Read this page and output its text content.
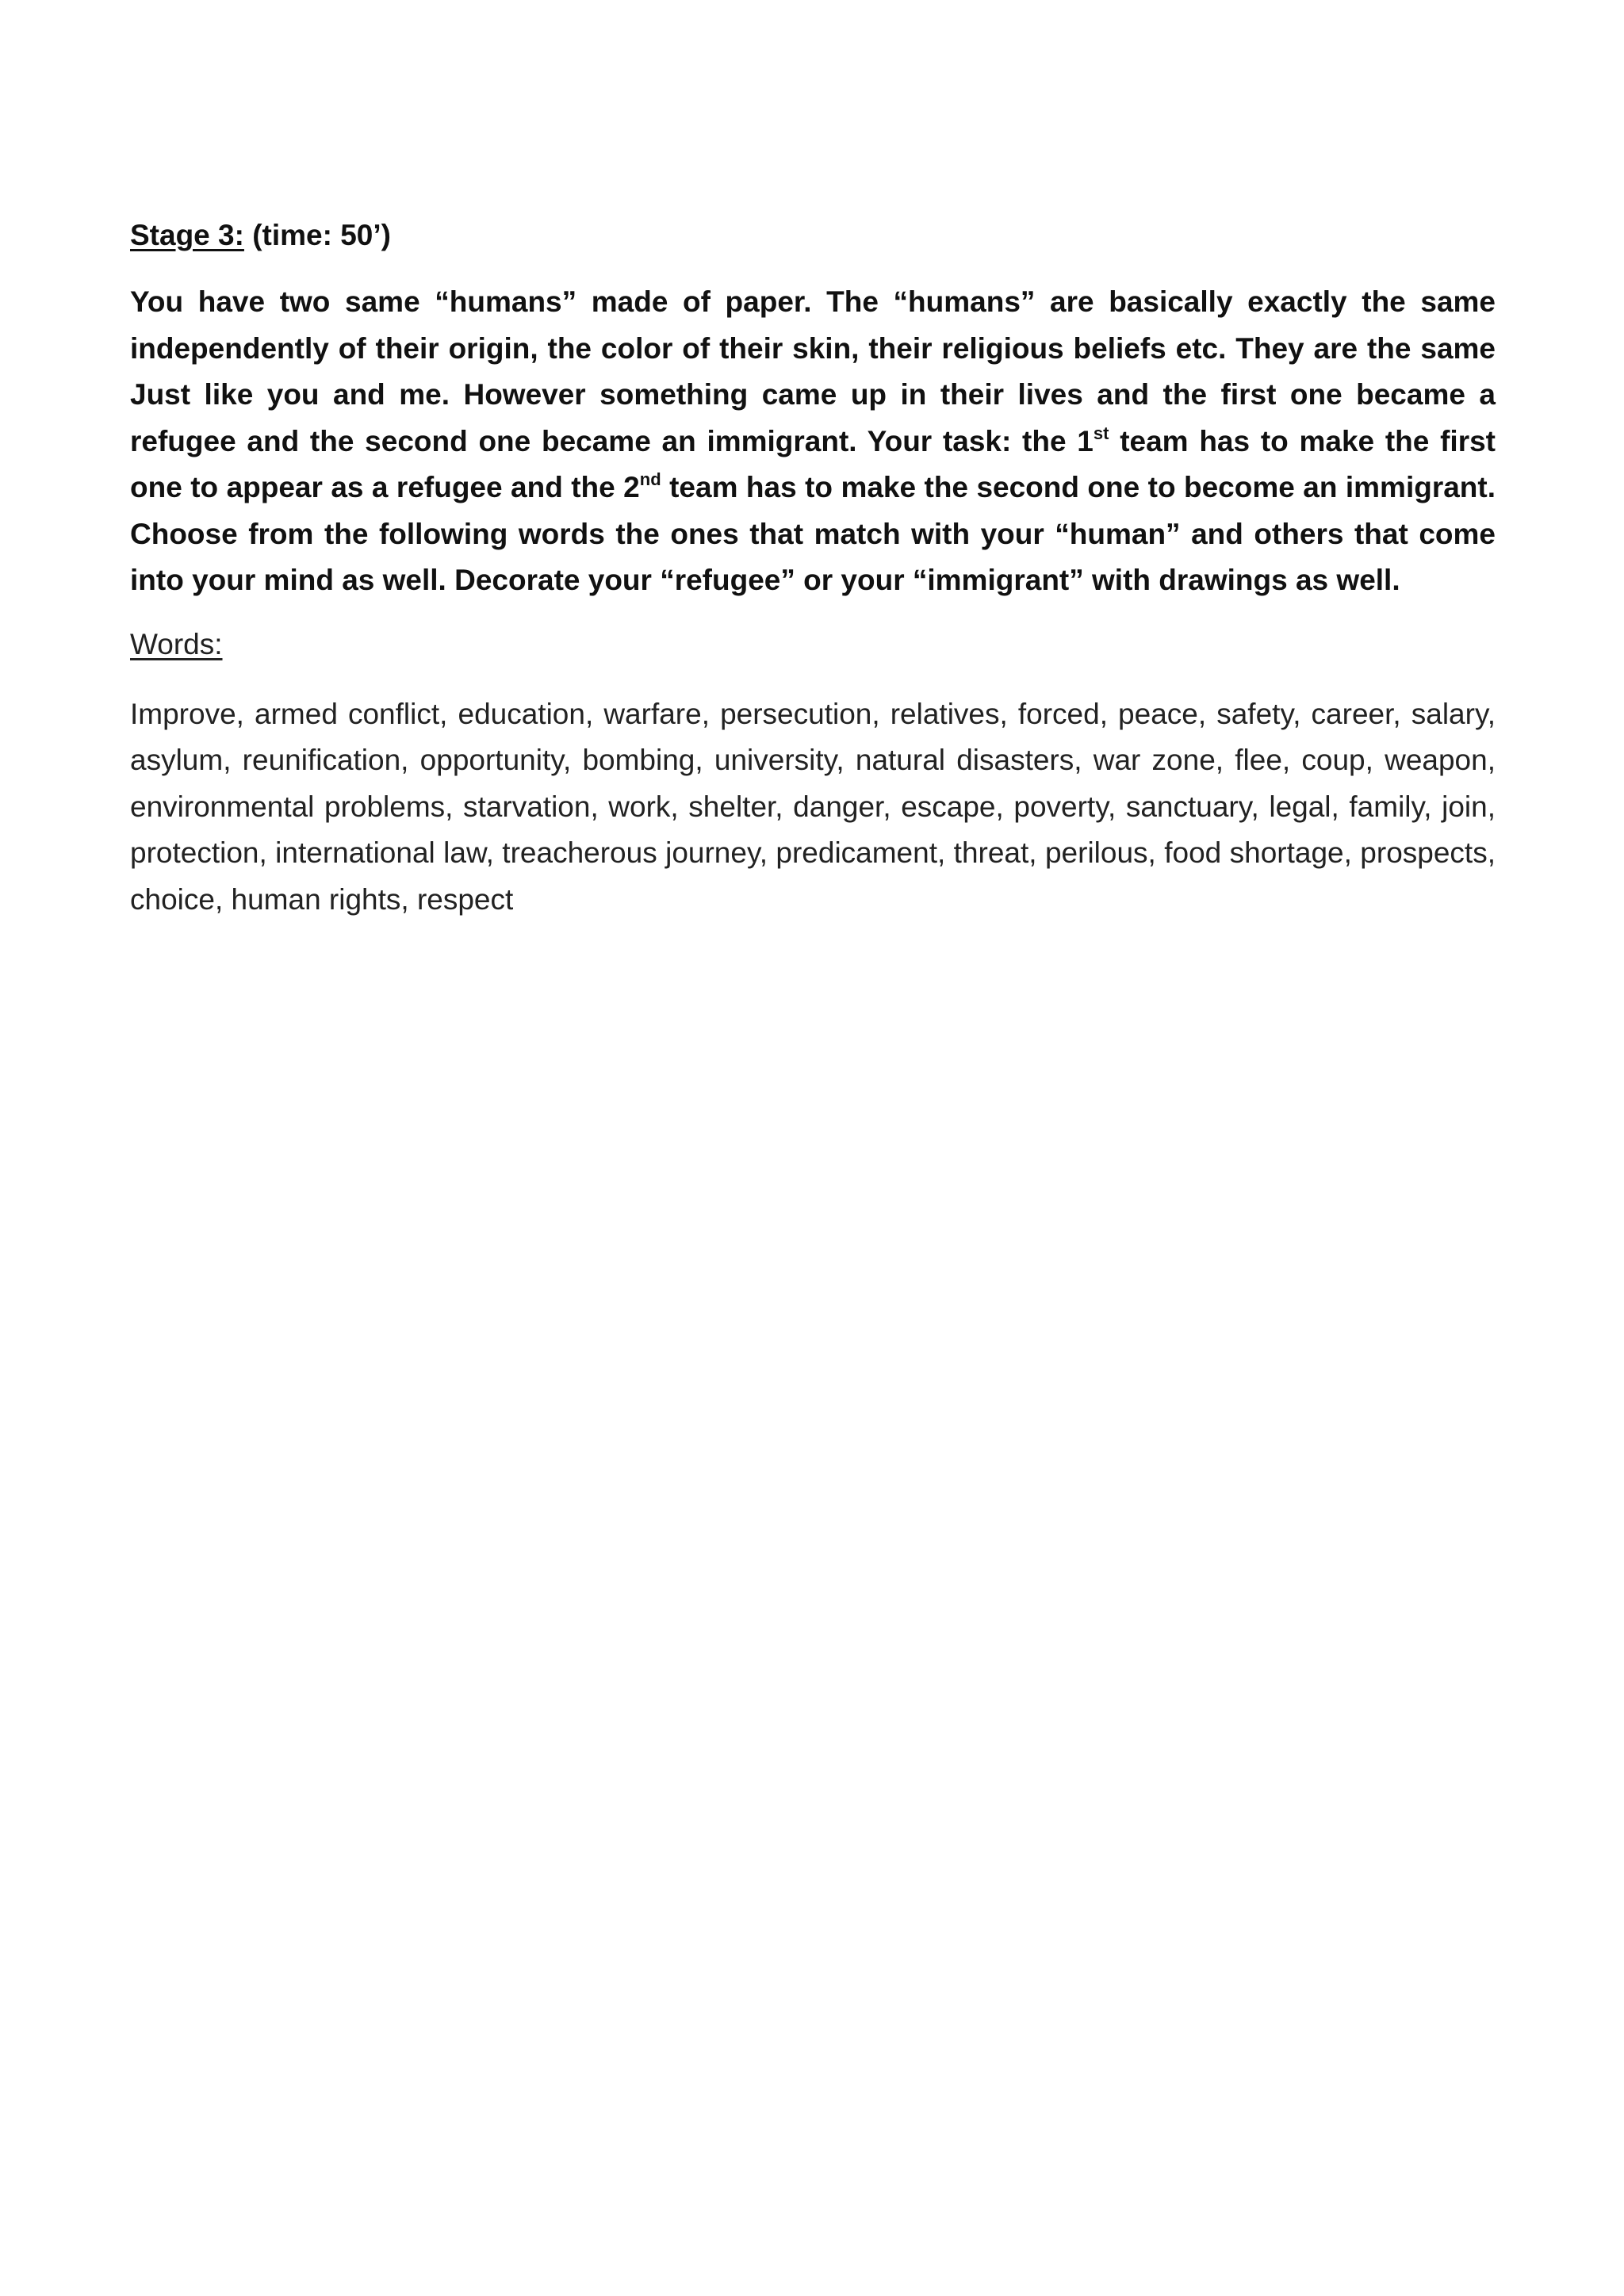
Stage 3: (time: 50’)

You have two same “humans” made of paper. The “humans” are basically exactly the same independently of their origin, the color of their skin, their religious beliefs etc. They are the same Just like you and me. However something came up in their lives and the first one became a refugee and the second one became an immigrant. Your task: the 1st team has to make the first one to appear as a refugee and the 2nd team has to make the second one to become an immigrant. Choose from the following words the ones that match with your “human” and others that come into your mind as well. Decorate your “refugee” or your “immigrant” with drawings as well.

Words:

Improve, armed conflict, education, warfare, persecution, relatives, forced, peace, safety, career, salary, asylum, reunification, opportunity, bombing, university, natural disasters, war zone, flee, coup, weapon, environmental problems, starvation, work, shelter, danger, escape, poverty, sanctuary, legal, family, join, protection, international law, treacherous journey, predicament, threat, perilous, food shortage, prospects, choice, human rights, respect
